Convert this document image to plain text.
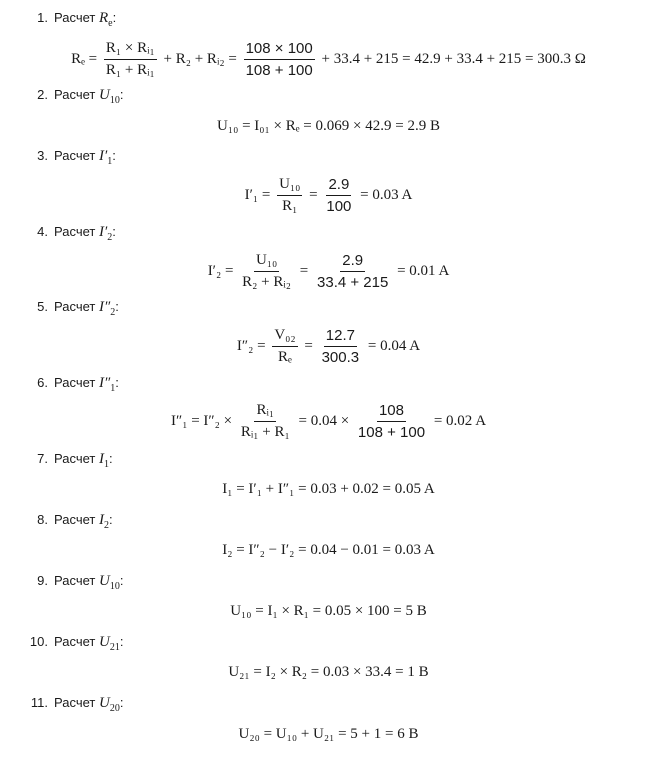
1. Расчет $R_e$:
$R_e = \frac{\text{R₁ × Rᵢ₁}}{\text{R₁ + Rᵢ₁}} + R_2$ + Rᵢ₂ = $\frac{108 \times 100}{108 + 100} + 33.4 + 215 = 42.9 + 33.4 + 215 = 300.3$ Ω
2. Расчет $U_{10}$:
U₁₀ = I₀₁ × Rₑ = 0.069 × 42.9 = 2.9 В
3. Расчет $I'_1$:
$I'_1 = \frac{\text{U₁₀}}{\text{R₁}} = \frac{2.9}{100} = 0.03$ A
4. Расчет $I'_2$:
$I'_2 = \frac{\text{U₁₀}}{\text{R₂ + Rᵢ₂}} = \frac{2.9}{33.4 + 215} = 0.01$ A
5. Расчет $I''_2$:
$I''_2 = \frac{\text{V₀₂}}{\text{Rₑ}} = \frac{12.7}{300.3} = 0.04$ A
6. Расчет $I''_1$:
$I''_1 = I''_2 \times \frac{\text{Rᵢ₁}}{\text{Rᵢ₁ + R₁}} = 0.04 \times \frac{108}{108 + 100} = 0.02$ A
7. Расчет $I_1$:
I₁ = I′₁ + I″₁ = 0.03 + 0.02 = 0.05 A
8. Расчет $I_2$:
I₂ = I″₂ − I′₂ = 0.04 − 0.01 = 0.03 A
9. Расчет $U_{10}$:
U₁₀ = I₁ × R₁ = 0.05 × 100 = 5 В
10. Расчет $U_{21}$:
U₂₁ = I₂ × R₂ = 0.03 × 33.4 = 1 В
11. Расчет $U_{20}$:
U₂₀ = U₁₀ + U₂₁ = 5 + 1 = 6 В
